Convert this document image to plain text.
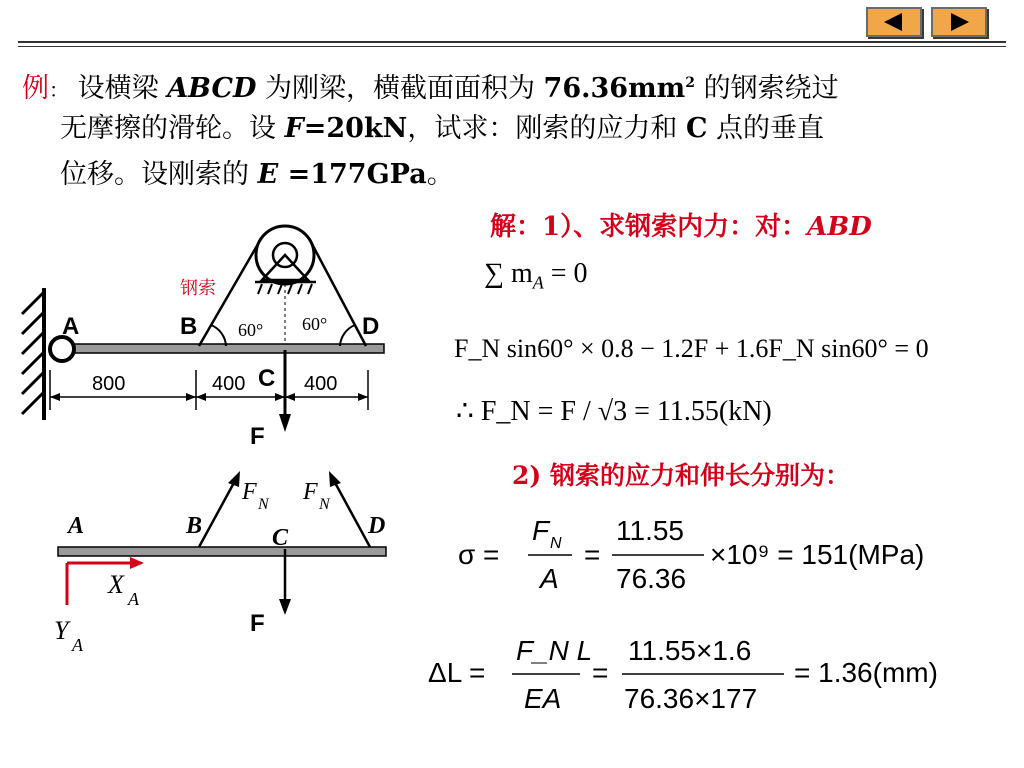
例： 设横梁 ABCD 为刚梁，横截面面积为 $76.36mm^2$ 的钢索绕过
无摩擦的滑轮。设 F=20kN，试求：刚索的应力和 C 点的垂直
位移。设刚索的 E =177GPa。
钢索
A	B	D
C
F
60° 60°
800	400	400
A	B	C	D
F
F N F N
X A
Y A
解：1）、求钢索内力：对：ABD
∑ $m_A = 0$
F_N sin60° × 0.8 − 1.2F + 1.6F_N sin60° = 0
∴ F_N = F / √3 = 11.55(kN)
2) 钢索的应力和伸长分别为：
σ =
F N
A
=
11.55
76.36
×10⁹ = 151(MPa)
ΔL =
F_N L
EA
=
11.55×1.6
76.36×177
= 1.36(mm)
